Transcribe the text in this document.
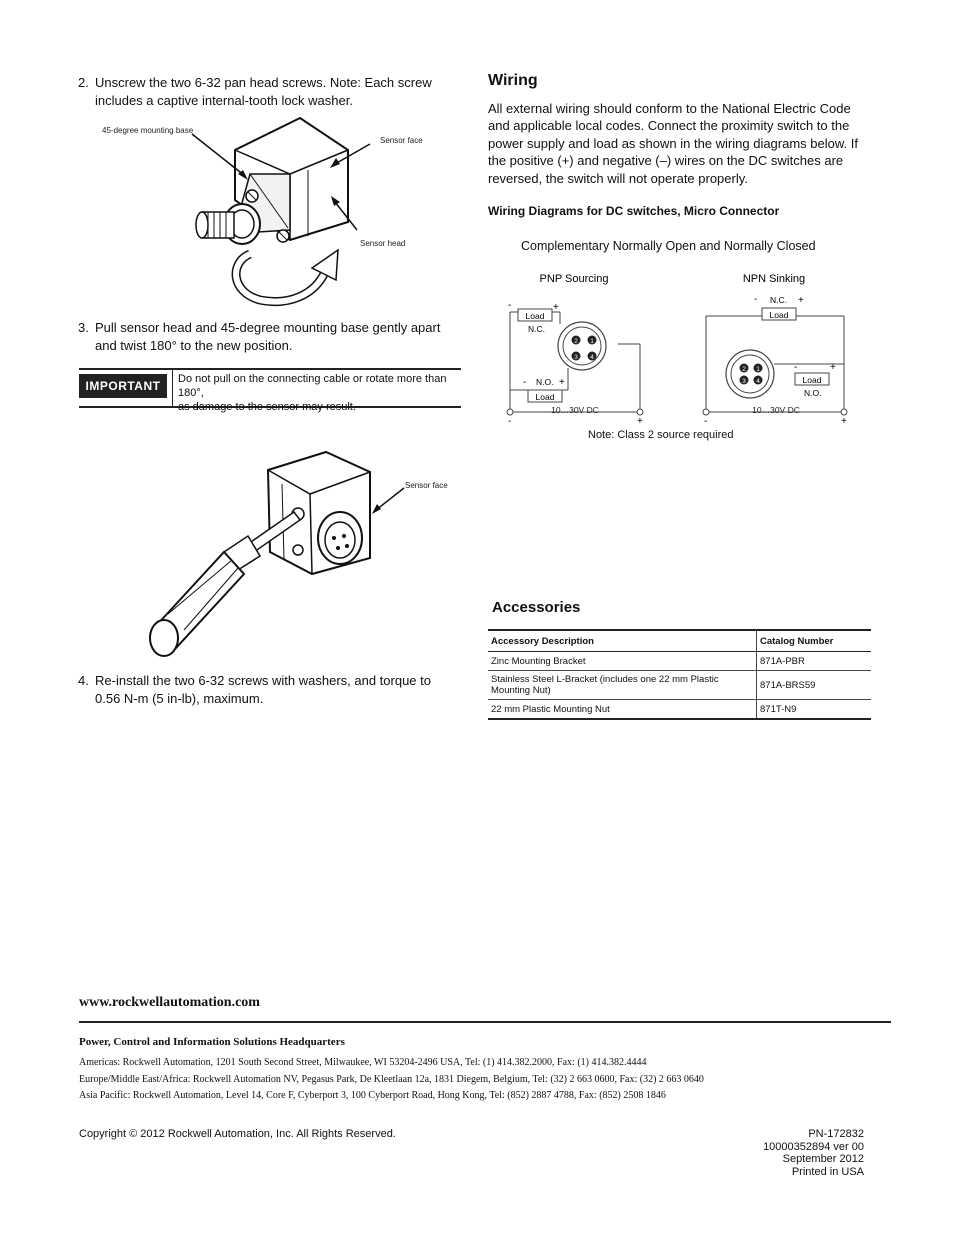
2. Unscrew the two 6-32 pan head screws. Note: Each screw
includes a captive internal-tooth lock washer.
45-degree mounting base
Sensor face
Sensor head
3. Pull sensor head and 45-degree mounting base gently apart
and twist 180° to the new position.
IMPORTANT	Do not pull on the connecting cable or rotate more than 180°,
as damage to the sensor may result.
Sensor face
4. Re-install the two 6-32 screws with washers, and torque to
0.56 N-m (5 in-lb), maximum.
Wiring
All external wiring should conform to the National Electric Code
and applicable local codes. Connect the proximity switch to the
power supply and load as shown in the wiring diagrams below. If
the positive (+) and negative (–) wires on the DC switches are
reversed, the switch will not operate properly.
Wiring Diagrams for DC switches, Micro Connector
Complementary Normally Open and Normally Closed
PNP Sourcing
Load
N.C.
Load
N.O.
-	+
-	+
10…30V DC
-	+
2 1
3 4
NPN Sinking
Load
N.C.
-	+
Load
N.O.
-	+
10…30V DC
-	+
2 1
3 4
Note: Class 2 source required
Accessories
Accessory Description	Catalog Number
Zinc Mounting Bracket	871A-PBR
Stainless Steel L-Bracket (includes one 22 mm Plastic Mounting Nut)	871A-BRS59
22 mm Plastic Mounting Nut	871T-N9
www.rockwellautomation.com
Power, Control and Information Solutions Headquarters
Americas: Rockwell Automation, 1201 South Second Street, Milwaukee, WI 53204-2496 USA, Tel: (1) 414.382.2000, Fax: (1) 414.382.4444
Europe/Middle East/Africa: Rockwell Automation NV, Pegasus Park, De Kleetlaan 12a, 1831 Diegem, Belgium, Tel: (32) 2 663 0600, Fax: (32) 2 663 0640
Asia Pacific: Rockwell Automation, Level 14, Core F, Cyberport 3, 100 Cyberport Road, Hong Kong, Tel: (852) 2887 4788, Fax: (852) 2508 1846
Copyright © 2012 Rockwell Automation, Inc. All Rights Reserved.	PN-172832
10000352894 ver 00
September 2012
Printed in USA
